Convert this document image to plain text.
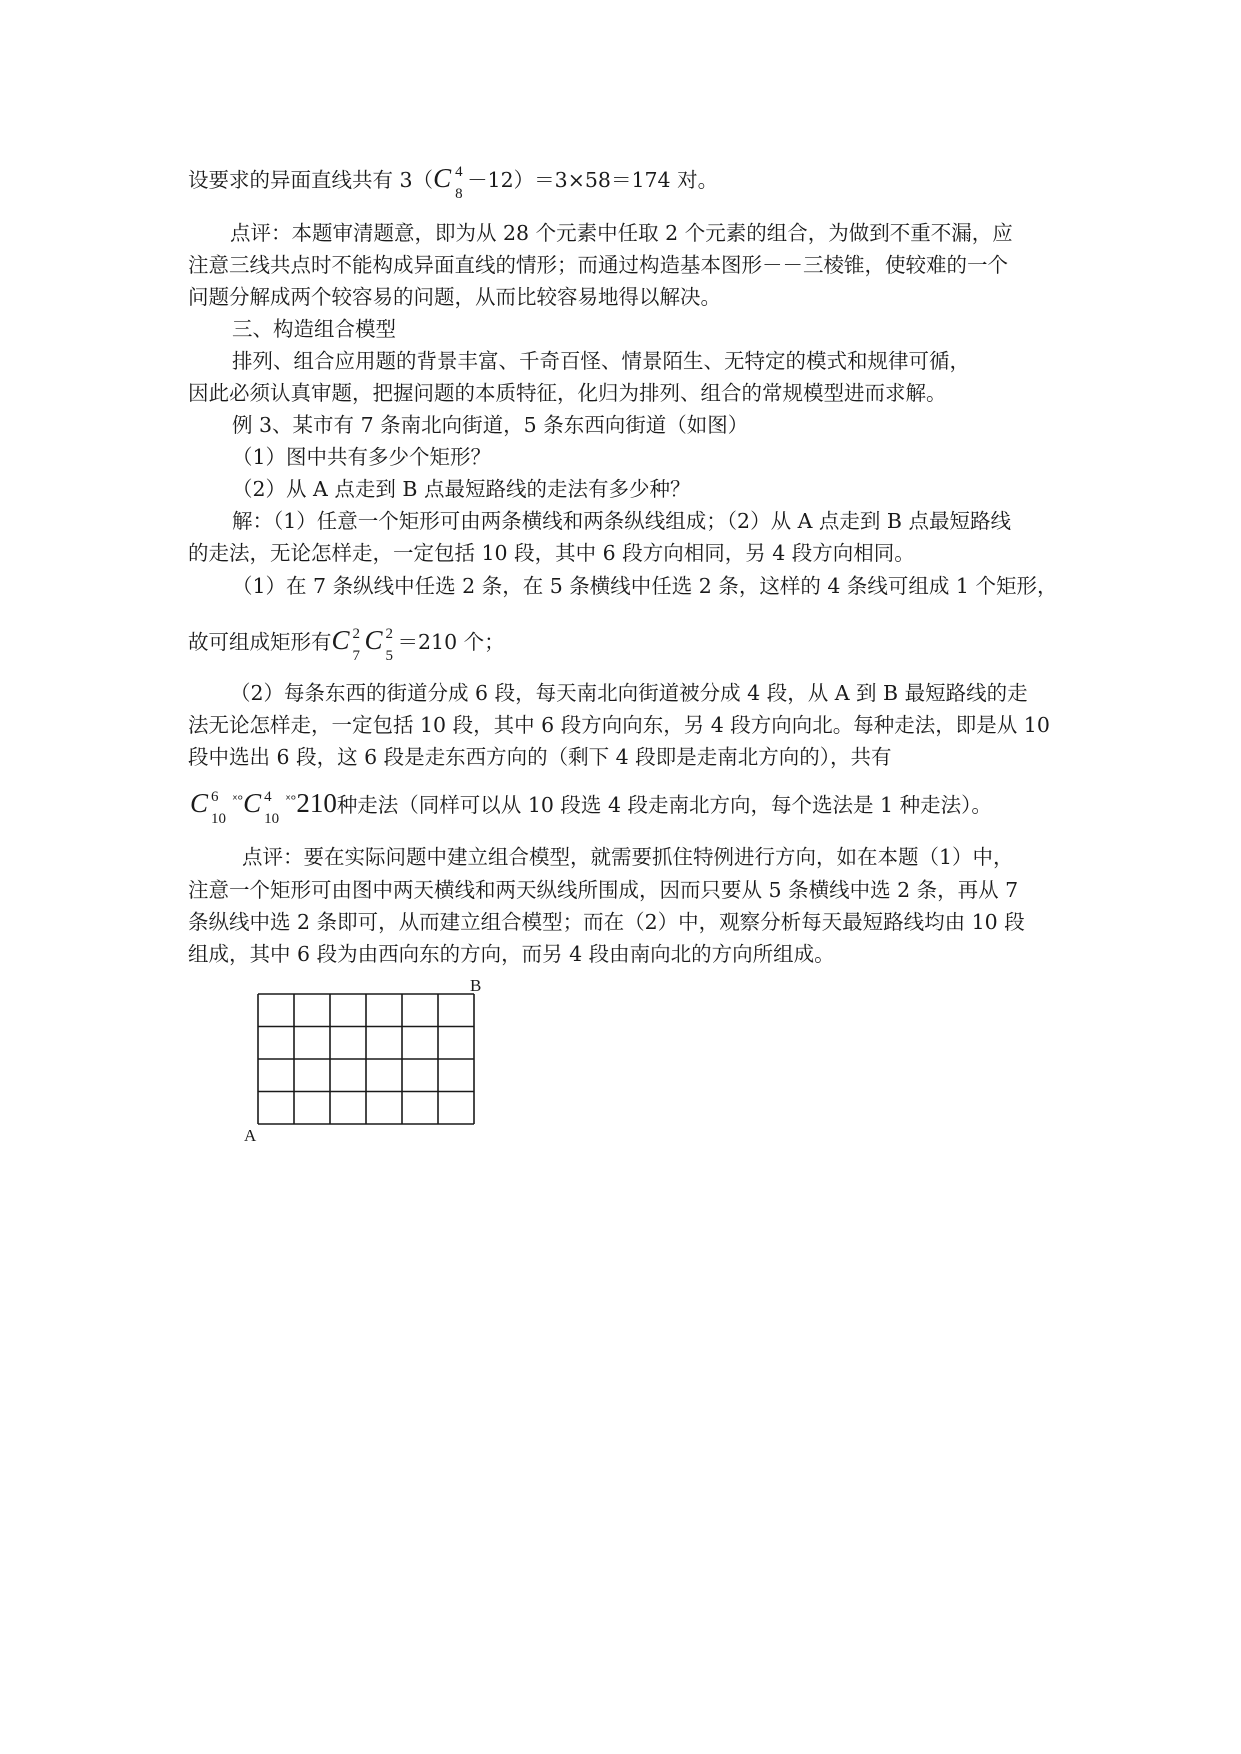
设要求的异面直线共有 3（C 4
8
－12）＝3×58＝174 对。
点评：本题审清题意，即为从 28 个元素中任取 2 个元素的组合，为做到不重不漏，应
注意三线共点时不能构成异面直线的情形；而通过构造基本图形－－三棱锥，使较难的一个
问题分解成两个较容易的问题，从而比较容易地得以解决。
三、构造组合模型
排列、组合应用题的背景丰富、千奇百怪、情景陌生、无特定的模式和规律可循，
因此必须认真审题，把握问题的本质特征，化归为排列、组合的常规模型进而求解。
例 3、某市有 7 条南北向街道，5 条东西向街道（如图）
（1）图中共有多少个矩形？
（2）从 A 点走到 B 点最短路线的走法有多少种？
解：（1）任意一个矩形可由两条横线和两条纵线组成；（2）从 A 点走到 B 点最短路线
的走法，无论怎样走，一定包括 10 段，其中 6 段方向相同，另 4 段方向相同。
（1）在 7 条纵线中任选 2 条，在 5 条横线中任选 2 条，这样的 4 条线可组成 1 个矩形，
故可组成矩形有C 2
7
C 2
5
＝210 个；
（2）每条东西的街道分成 6 段，每天南北向街道被分成 4 段，从 A 到 B 最短路线的走
法无论怎样走，一定包括 10 段，其中 6 段方向向东，另 4 段方向向北。每种走法，即是从 10
段中选出 6 段，这 6 段是走东西方向的（剩下 4 段即是走南北方向的），共有
C 6
10
$^{ˣᵒ}$C 4
10
$^{ˣᵒ}$210种走法（同样可以从 10 段选 4 段走南北方向，每个选法是 1 种走法）。
点评：要在实际问题中建立组合模型，就需要抓住特例进行方向，如在本题（1）中，
注意一个矩形可由图中两天横线和两天纵线所围成，因而只要从 5 条横线中选 2 条，再从 7
条纵线中选 2 条即可，从而建立组合模型；而在（2）中，观察分析每天最短路线均由 10 段
组成，其中 6 段为由西向东的方向，而另 4 段由南向北的方向所组成。
B
A
